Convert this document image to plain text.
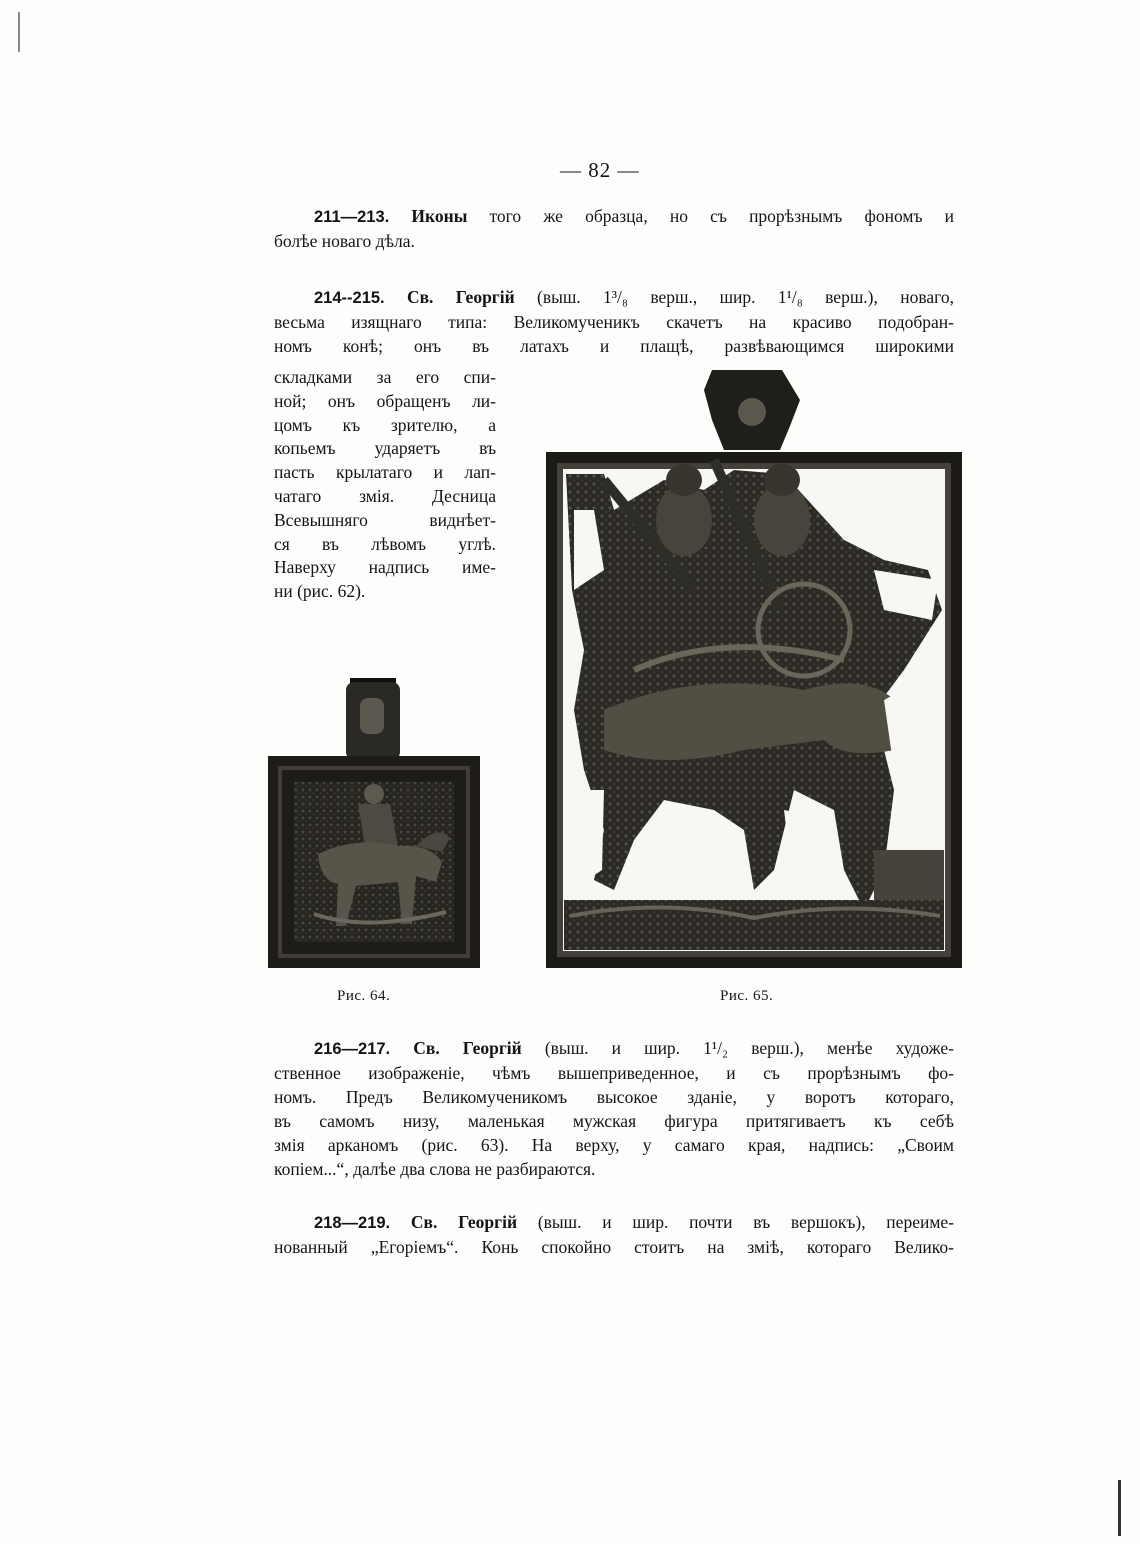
— 82 —
211—213. Иконы того же образца, но съ прорѣзнымъ фономъ и
болѣе новаго дѣла.
214--215. Св. Георгій (выш. 1³/₈ верш., шир. 1¹/₈ верш.), новаго,
весьма изящнаго типа: Великомученикъ скачетъ на красиво подобран-
номъ конѣ; онъ въ латахъ и плащѣ, развѣвающимся широкими
складками за его спи-
ной; онъ обращенъ ли-
цомъ къ зрителю, а
копьемъ ударяетъ въ
пасть крылатаго и лап-
чатаго змія. Десница
Всевышняго виднѣет-
ся въ лѣвомъ углѣ.
Наверху надпись име-
ни (рис. 62).
Рис. 64.	Рис. 65.
216—217. Св. Георгій (выш. и шир. 1¹/₂ верш.), менѣе художе-
ственное изображеніе, чѣмъ вышеприведенное, и съ прорѣзнымъ фо-
номъ. Предъ Великомученикомъ высокое зданіе, у воротъ котораго,
въ самомъ низу, маленькая мужская фигура притягиваетъ къ себѣ
змія арканомъ (рис. 63). На верху, у самаго края, надпись: „Своим
копіем...“, далѣе два слова не разбираются.
218—219. Св. Георгій (выш. и шир. почти въ вершокъ), переиме-
нованный „Егоріемъ“. Конь спокойно стоитъ на змiѣ, котораго Велико-
